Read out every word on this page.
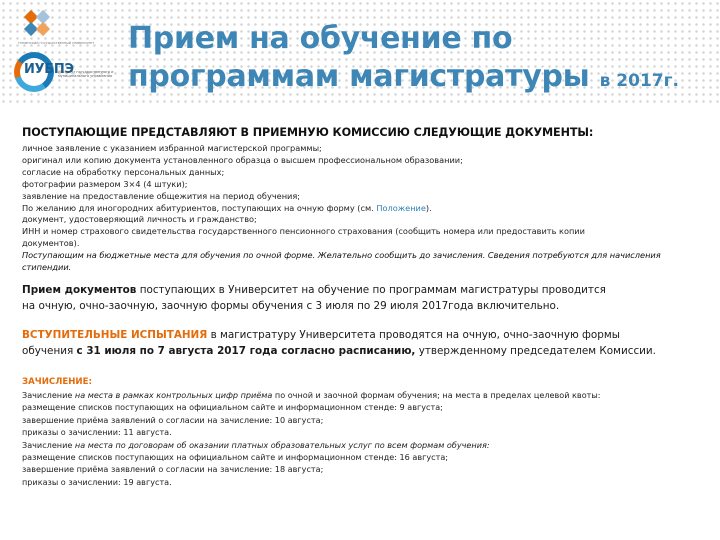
ТЮМЕНСКИЙ ГОСУДАРСТВЕННЫЙ УНИВЕРСИТЕТ
ИУБПЭ
Институт государственного и муниципального управления
Прием на обучение по
программам магистратуры в 2017г.
ПОСТУПАЮЩИЕ ПРЕДСТАВЛЯЮТ В ПРИЕМНУЮ КОМИССИЮ СЛЕДУЮЩИЕ ДОКУМЕНТЫ:
личное заявление с указанием избранной магистерской программы;
оригинал или копию документа установленного образца о высшем профессиональном образовании;
согласие на обработку персональных данных;
фотографии размером 3×4 (4 штуки);
заявление на предоставление общежития на период обучения;
По желанию для иногородних абитуриентов, поступающих на очную форму (см. Положение).
документ, удостоверяющий личность и гражданство;
ИНН и номер страхового свидетельства государственного пенсионного страхования (сообщить номера или предоставить копии документов).
Поступающим на бюджетные места для обучения по очной форме. Желательно сообщить до зачисления. Сведения потребуются для начисления стипендии.
Прием документов поступающих в Университет на обучение по программам магистратуры проводится
на очную, очно-заочную, заочную формы обучения с 3 июля по 29 июля 2017года включительно.
ВСТУПИТЕЛЬНЫЕ ИСПЫТАНИЯ в магистратуру Университета проводятся на очную, очно-заочную формы
обучения с 31 июля по 7 августа 2017 года согласно расписанию, утвержденному председателем Комиссии.
ЗАЧИСЛЕНИЕ:
Зачисление на места в рамках контрольных цифр приёма по очной и заочной формам обучения; на места в пределах целевой квоты:
размещение списков поступающих на официальном сайте и информационном стенде: 9 августа;
завершение приёма заявлений о согласии на зачисление: 10 августа;
приказы о зачислении: 11 августа.
Зачисление на места по договорам об оказании платных образовательных услуг по всем формам обучения:
размещение списков поступающих на официальном сайте и информационном стенде: 16 августа;
завершение приёма заявлений о согласии на зачисление: 18 августа;
приказы о зачислении: 19 августа.
